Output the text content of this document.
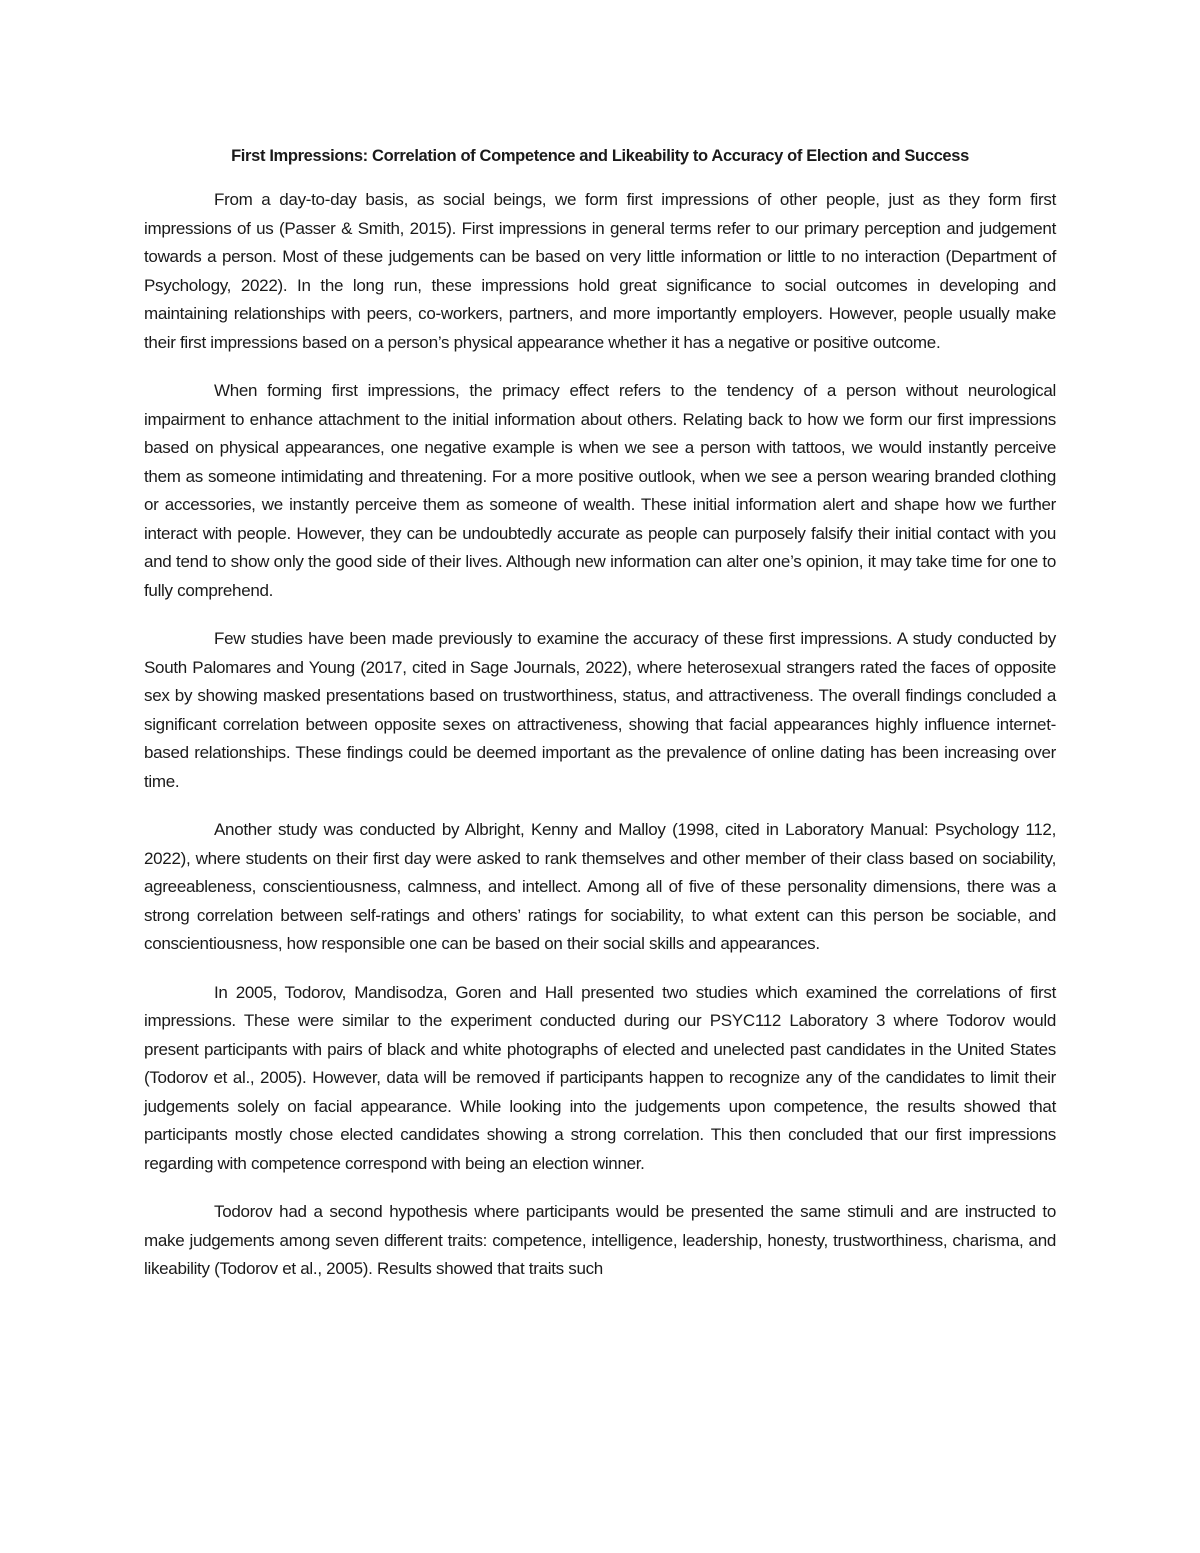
First Impressions: Correlation of Competence and Likeability to Accuracy of Election and Success

From a day-to-day basis, as social beings, we form first impressions of other people, just as they form first impressions of us (Passer & Smith, 2015). First impressions in general terms refer to our primary perception and judgement towards a person. Most of these judgements can be based on very little information or little to no interaction (Department of Psychology, 2022). In the long run, these impressions hold great significance to social outcomes in developing and maintaining relationships with peers, co-workers, partners, and more importantly employers. However, people usually make their first impressions based on a person’s physical appearance whether it has a negative or positive outcome.

When forming first impressions, the primacy effect refers to the tendency of a person without neurological impairment to enhance attachment to the initial information about others. Relating back to how we form our first impressions based on physical appearances, one negative example is when we see a person with tattoos, we would instantly perceive them as someone intimidating and threatening. For a more positive outlook, when we see a person wearing branded clothing or accessories, we instantly perceive them as someone of wealth. These initial information alert and shape how we further interact with people. However, they can be undoubtedly accurate as people can purposely falsify their initial contact with you and tend to show only the good side of their lives. Although new information can alter one’s opinion, it may take time for one to fully comprehend.

Few studies have been made previously to examine the accuracy of these first impressions. A study conducted by South Palomares and Young (2017, cited in Sage Journals, 2022), where heterosexual strangers rated the faces of opposite sex by showing masked presentations based on trustworthiness, status, and attractiveness. The overall findings concluded a significant correlation between opposite sexes on attractiveness, showing that facial appearances highly influence internet-based relationships. These findings could be deemed important as the prevalence of online dating has been increasing over time.

Another study was conducted by Albright, Kenny and Malloy (1998, cited in Laboratory Manual: Psychology 112, 2022), where students on their first day were asked to rank themselves and other member of their class based on sociability, agreeableness, conscientiousness, calmness, and intellect. Among all of five of these personality dimensions, there was a strong correlation between self-ratings and others’ ratings for sociability, to what extent can this person be sociable, and conscientiousness, how responsible one can be based on their social skills and appearances.

In 2005, Todorov, Mandisodza, Goren and Hall presented two studies which examined the correlations of first impressions. These were similar to the experiment conducted during our PSYC112 Laboratory 3 where Todorov would present participants with pairs of black and white photographs of elected and unelected past candidates in the United States (Todorov et al., 2005). However, data will be removed if participants happen to recognize any of the candidates to limit their judgements solely on facial appearance. While looking into the judgements upon competence, the results showed that participants mostly chose elected candidates showing a strong correlation. This then concluded that our first impressions regarding with competence correspond with being an election winner.

Todorov had a second hypothesis where participants would be presented the same stimuli and are instructed to make judgements among seven different traits: competence, intelligence, leadership, honesty, trustworthiness, charisma, and likeability (Todorov et al., 2005). Results showed that traits such
